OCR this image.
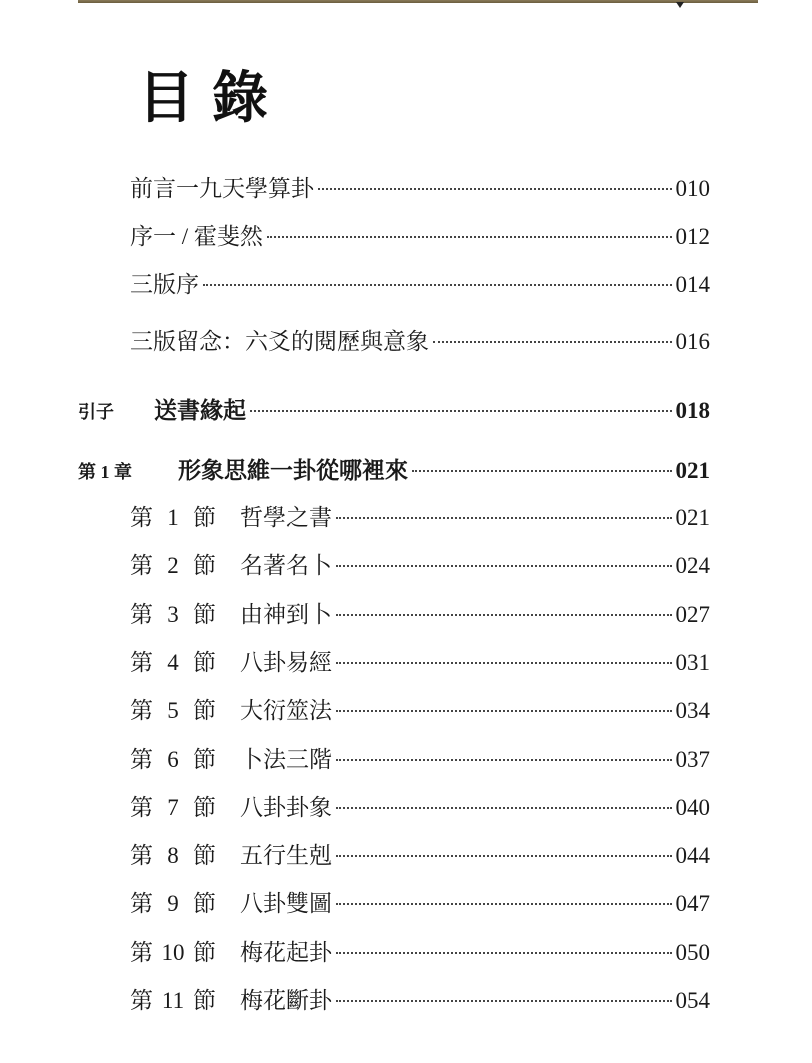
目錄
前言一九天學算卦	010
序一 / 霍斐然	012
三版序	014
三版留念：六爻的閱歷與意象	016
引子 送書緣起	018
第 1 章 形象思維一卦從哪裡來	021
第 1 節 哲學之書	021
第 2 節 名著名卜	024
第 3 節 由神到卜	027
第 4 節 八卦易經	031
第 5 節 大衍筮法	034
第 6 節 卜法三階	037
第 7 節 八卦卦象	040
第 8 節 五行生剋	044
第 9 節 八卦雙圖	047
第 10 節 梅花起卦	050
第 11 節 梅花斷卦	054
